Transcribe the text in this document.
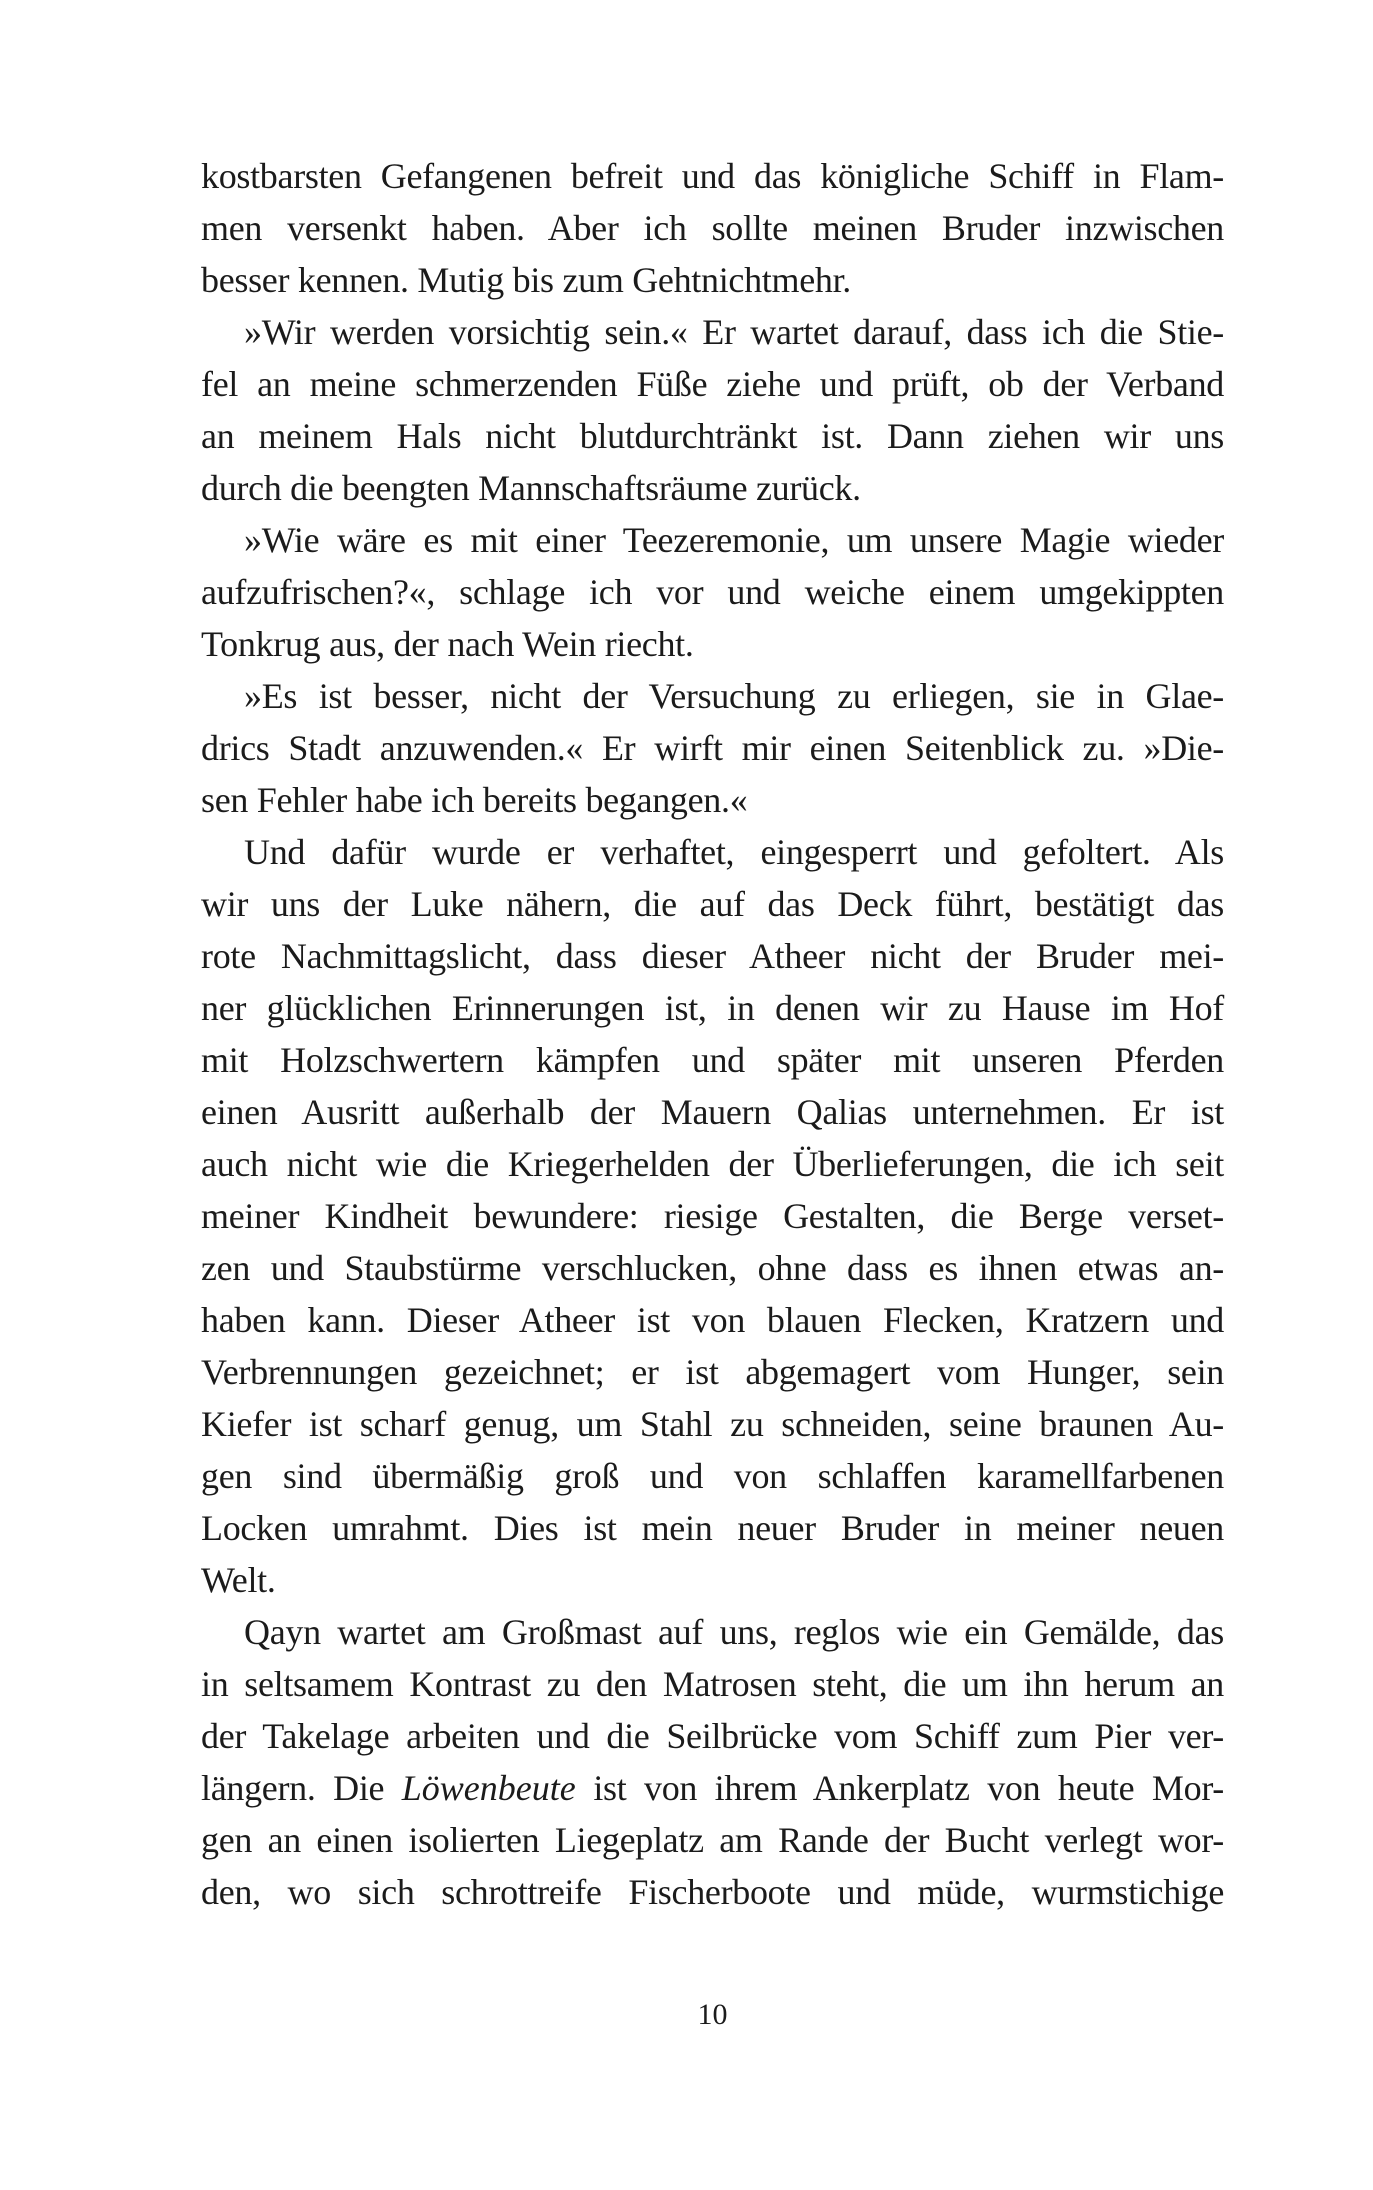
kostbarsten Gefangenen befreit und das königliche Schiff in Flam-
men versenkt haben. Aber ich sollte meinen Bruder inzwischen
besser kennen. Mutig bis zum Gehtnichtmehr.
»Wir werden vorsichtig sein.« Er wartet darauf, dass ich die Stie-
fel an meine schmerzenden Füße ziehe und prüft, ob der Verband
an meinem Hals nicht blutdurchtränkt ist. Dann ziehen wir uns
durch die beengten Mannschaftsräume zurück.
»Wie wäre es mit einer Teezeremonie, um unsere Magie wieder
aufzufrischen?«, schlage ich vor und weiche einem umgekippten
Tonkrug aus, der nach Wein riecht.
»Es ist besser, nicht der Versuchung zu erliegen, sie in Glae-
drics Stadt anzuwenden.« Er wirft mir einen Seitenblick zu. »Die-
sen Fehler habe ich bereits begangen.«
Und dafür wurde er verhaftet, eingesperrt und gefoltert. Als
wir uns der Luke nähern, die auf das Deck führt, bestätigt das
rote Nachmittagslicht, dass dieser Atheer nicht der Bruder mei-
ner glücklichen Erinnerungen ist, in denen wir zu Hause im Hof
mit Holzschwertern kämpfen und später mit unseren Pferden
einen Ausritt außerhalb der Mauern Qalias unternehmen. Er ist
auch nicht wie die Kriegerhelden der Überlieferungen, die ich seit
meiner Kindheit bewundere: riesige Gestalten, die Berge verset-
zen und Staubstürme verschlucken, ohne dass es ihnen etwas an-
haben kann. Dieser Atheer ist von blauen Flecken, Kratzern und
Verbrennungen gezeichnet; er ist abgemagert vom Hunger, sein
Kiefer ist scharf genug, um Stahl zu schneiden, seine braunen Au-
gen sind übermäßig groß und von schlaffen karamellfarbenen
Locken umrahmt. Dies ist mein neuer Bruder in meiner neuen
Welt.
Qayn wartet am Großmast auf uns, reglos wie ein Gemälde, das
in seltsamem Kontrast zu den Matrosen steht, die um ihn herum an
der Takelage arbeiten und die Seilbrücke vom Schiff zum Pier ver-
längern. Die Löwenbeute ist von ihrem Ankerplatz von heute Mor-
gen an einen isolierten Liegeplatz am Rande der Bucht verlegt wor-
den, wo sich schrottreife Fischerboote und müde, wurmstichige
10
